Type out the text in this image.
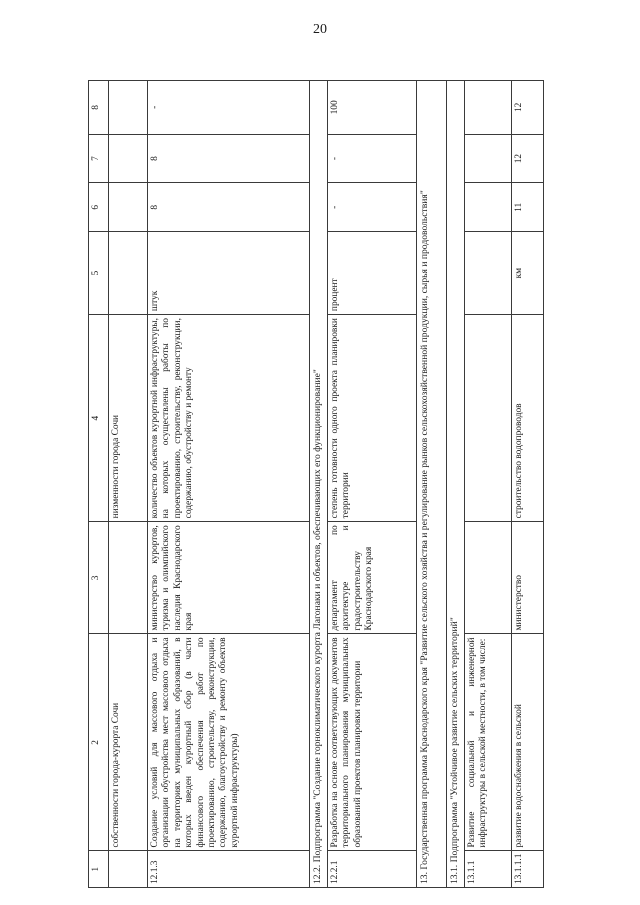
20
1	2	3	4	5	6	7	8
	собственности города-курорта Сочи		низменности города Сочи				
12.1.3	Создание условий для массового отдыха и организации обустройства мест массового отдыха на территориях муниципальных образований, в которых введен курортный сбор (в части финансового обеспечения работ по проектированию, строительству, реконструкции, содержанию, благоустройству и ремонту объектов курортной инфраструктуры)	министерство курортов, туризма и олимпийского наследия Краснодарского края	количество объектов курортной инфраструктуры, на которых осуществлены работы по проектированию, строительству, реконструкции, содержанию, обустройству и ремонту	штук	8	8	-
12.2. Подпрограмма "Создание горноклиматического курорта Лагонаки и объектов, обеспечивающих его функционирование"							
12.2.1	Разработка на основе соответствующих документов территориального планирования муниципальных образований проектов планировки территории	департамент по архитектуре и градостроительству Краснодарского края	степень готовности одного проекта планировки территории	процент	-	-	100
13. Государственная программа Краснодарского края "Развитие сельского хозяйства и регулирование рынков сельскохозяйственной продукции, сырья и продовольствия"							
13.1. Подпрограмма "Устойчивое развитие сельских территорий"							
13.1.1	Развитие социальной и инженерной инфраструктуры в сельской местности, в том числе:						
13.1.1.1	развитие водоснабжения в сельской	министерство	строительство водопроводов	км	11	12	12
